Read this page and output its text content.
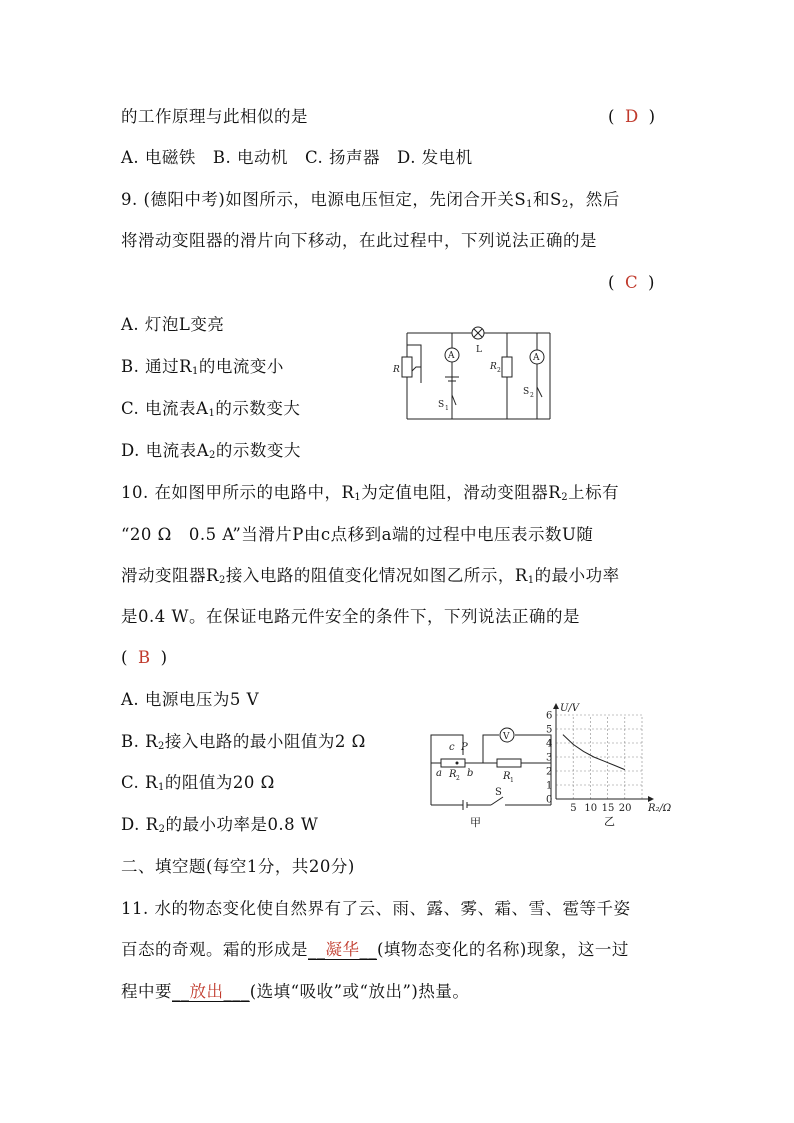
的工作原理与此相似的是	(  D  )
A. 电磁铁　B. 电动机　C. 扬声器　D. 发电机
9. (德阳中考)如图所示，电源电压恒定，先闭合开关$S_1$和$S_2$，然后
将滑动变阻器的滑片向下移动，在此过程中，下列说法正确的是
(  C  )
A. 灯泡L变亮
B. 通过$R_1$的电流变小
C. 电流表$A_1$的示数变大
D. 电流表$A_2$的示数变大
A	A
L
R	R 2
S 1
S 2
10. 在如图甲所示的电路中，$R_1$为定值电阻，滑动变阻器$R_2$上标有
“20 Ω　0.5 A”当滑片P由c点移到a端的过程中电压表示数U随
滑动变阻器$R_2$接入电路的阻值变化情况如图乙所示，$R_1$的最小功率
是0.4 W。在保证电路元件安全的条件下，下列说法正确的是
(  B  )
A. 电源电压为5 V
B. $R_2$接入电路的最小阻值为2 Ω
C. $R_1$的阻值为20 Ω
D. $R_2$的最小功率是0.8 W
V
c P
a	b
R 2	R 1
S
甲
0
1
2
3
4
5
6
5 10 15 20
U/V
R₂/Ω
乙
二、填空题(每空1分，共20分)
11. 水的物态变化使自然界有了云、雨、露、雾、霜、雪、雹等千姿
百态的奇观。霜的形成是__凝华__(填物态变化的名称)现象，这一过
程中要__放出___(选填“吸收”或“放出”)热量。
